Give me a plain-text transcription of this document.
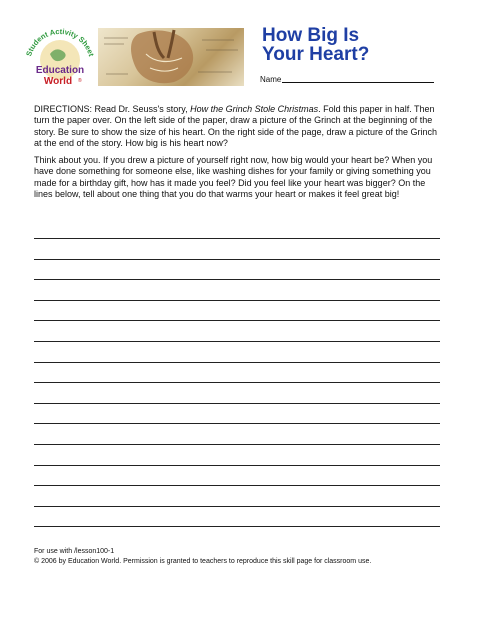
Student Activity Sheet
Education
World ®
How Big Is
Your Heart?
Name

DIRECTIONS: Read Dr. Seuss's story, How the Grinch Stole Christmas. Fold this paper in half. Then turn the paper over. On the left side of the paper, draw a picture of the Grinch at the beginning of the story. Be sure to show the size of his heart. On the right side of the page, draw a picture of the Grinch at the end of the story. How big is his heart now?

Think about you. If you drew a picture of yourself right now, how big would your heart be? When you have done something for someone else, like washing dishes for your family or giving something you made for a birthday gift, how has it made you feel? Did you feel like your heart was bigger? On the lines below, tell about one thing that you do that warms your heart or makes it feel great big!

For use with /lesson100-1
© 2006 by Education World. Permission is granted to teachers to reproduce this skill page for classroom use.
